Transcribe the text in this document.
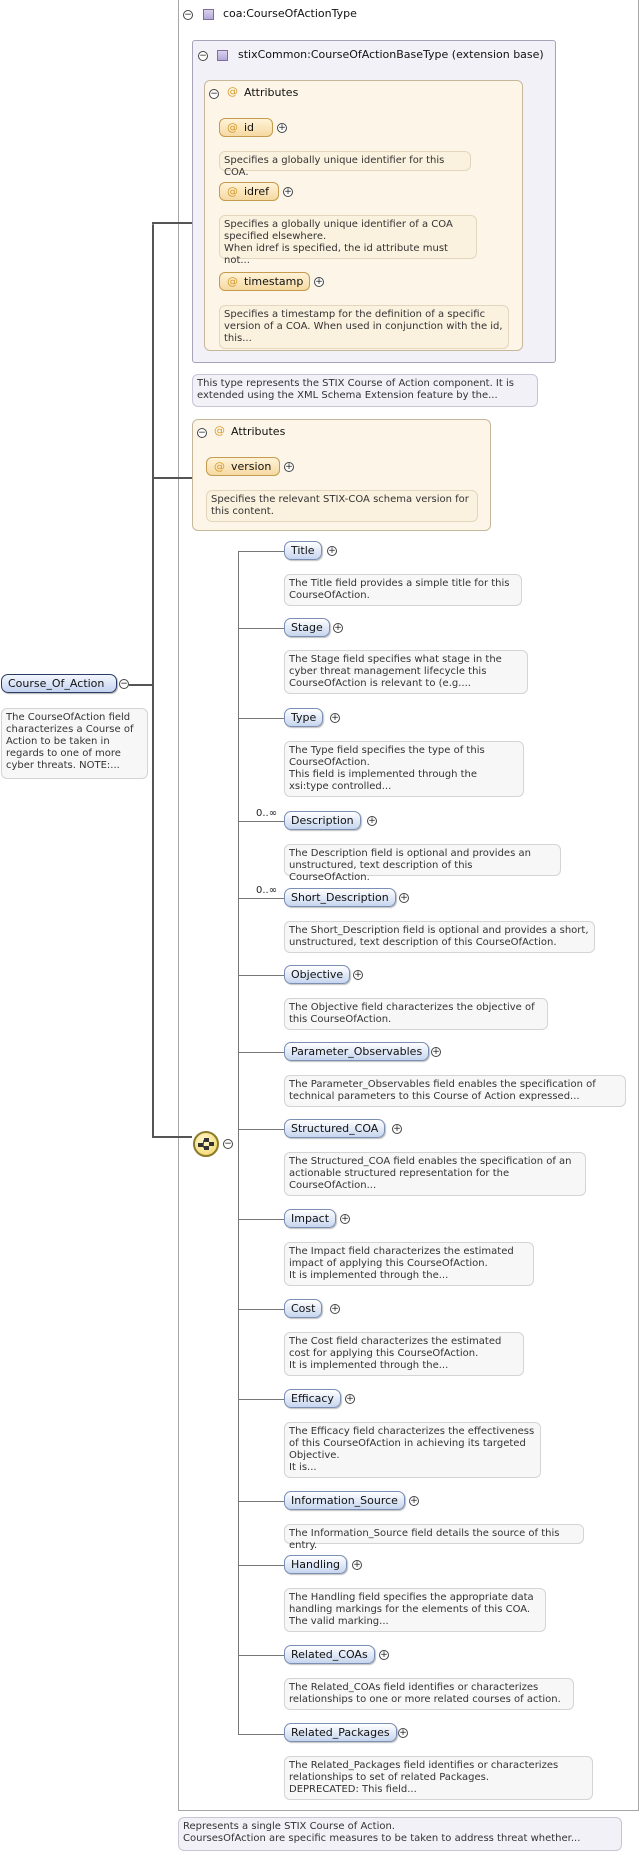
−	coa:CourseOfActionType
−	stixCommon:CourseOfActionBaseType (extension base)
− @ Attributes
@ id	+
Specifies a globally unique identifier for this COA.
@ idref	+
Specifies a globally unique identifier of a COA specified elsewhere.
When idref is specified, the id attribute must not...
@ timestamp	+
Specifies a timestamp for the definition of a specific version of a COA. When used in conjunction with the id, this...
This type represents the STIX Course of Action component. It is extended using the XML Schema Extension feature by the...
− @ Attributes
@ version	+
Specifies the relevant STIX-COA schema version for this content.
Course_Of_Action	−
The CourseOfAction field characterizes a Course of Action to be taken in regards to one of more cyber threats. NOTE:...
−
Title	+
The Title field provides a simple title for this CourseOfAction.
Stage	+
The Stage field specifies what stage in the cyber threat management lifecycle this CourseOfAction is relevant to (e.g....
Type	+
The Type field specifies the type of this CourseOfAction.
This field is implemented through the xsi:type controlled...
0..∞
Description	+
The Description field is optional and provides an unstructured, text description of this CourseOfAction.
0..∞
Short_Description	+
The Short_Description field is optional and provides a short, unstructured, text description of this CourseOfAction.
Objective	+
The Objective field characterizes the objective of this CourseOfAction.
Parameter_Observables	+
The Parameter_Observables field enables the specification of technical parameters to this Course of Action expressed...
Structured_COA	+
The Structured_COA field enables the specification of an actionable structured representation for the CourseOfAction...
Impact	+
The Impact field characterizes the estimated impact of applying this CourseOfAction.
It is implemented through the...
Cost	+
The Cost field characterizes the estimated cost for applying this CourseOfAction.
It is implemented through the...
Efficacy	+
The Efficacy field characterizes the effectiveness of this CourseOfAction in achieving its targeted Objective.
It is...
Information_Source	+
The Information_Source field details the source of this entry.
Handling	+
The Handling field specifies the appropriate data handling markings for the elements of this COA.
The valid marking...
Related_COAs	+
The Related_COAs field identifies or characterizes relationships to one or more related courses of action.
Related_Packages	+
The Related_Packages field identifies or characterizes relationships to set of related Packages.
DEPRECATED: This field...
Represents a single STIX Course of Action.
CoursesOfAction are specific measures to be taken to address threat whether...
